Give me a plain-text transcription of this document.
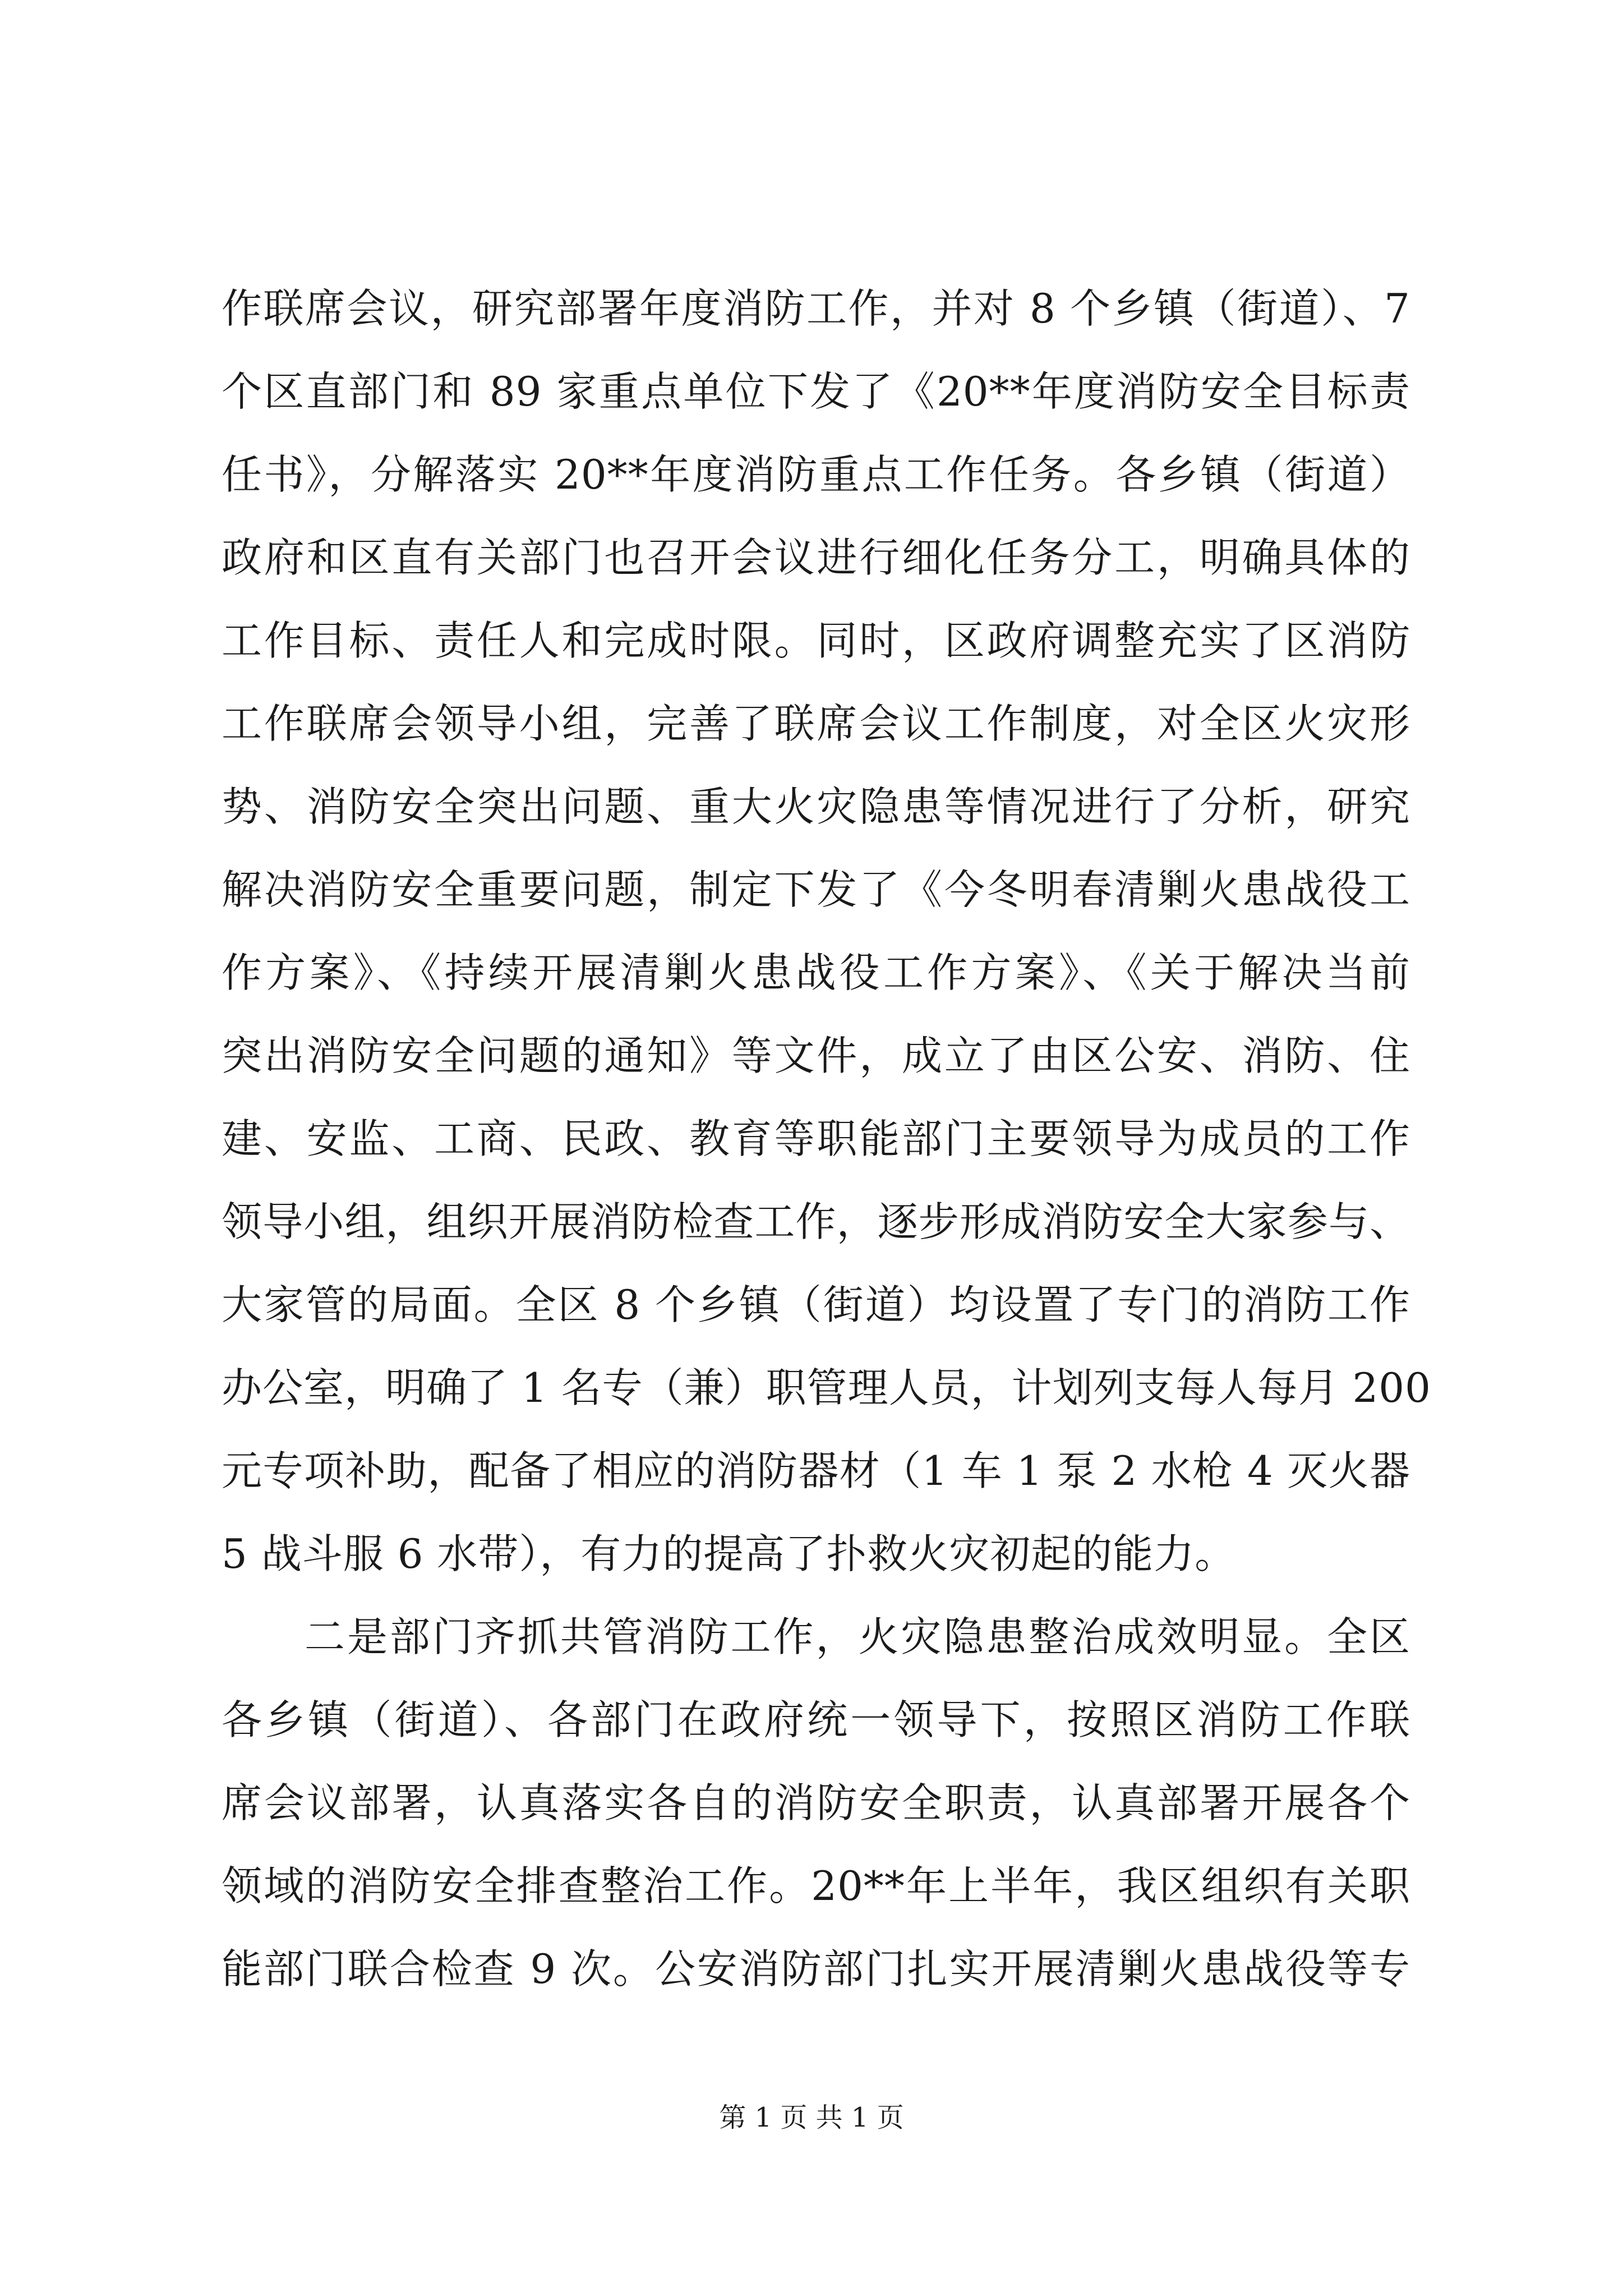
作联席会议，研究部署年度消防工作，并对 8 个乡镇（街道）、7
个区直部门和 89 家重点单位下发了《20**年度消防安全目标责
任书》，分解落实 20**年度消防重点工作任务。各乡镇（街道）
政府和区直有关部门也召开会议进行细化任务分工，明确具体的
工作目标、责任人和完成时限。同时，区政府调整充实了区消防
工作联席会领导小组，完善了联席会议工作制度，对全区火灾形
势、消防安全突出问题、重大火灾隐患等情况进行了分析，研究
解决消防安全重要问题，制定下发了《今冬明春清剿火患战役工
作方案》、《持续开展清剿火患战役工作方案》、《关于解决当前
突出消防安全问题的通知》等文件，成立了由区公安、消防、住
建、安监、工商、民政、教育等职能部门主要领导为成员的工作
领导小组，组织开展消防检查工作，逐步形成消防安全大家参与、
大家管的局面。全区 8 个乡镇（街道）均设置了专门的消防工作
办公室，明确了 1 名专（兼）职管理人员，计划列支每人每月 200
元专项补助，配备了相应的消防器材（1 车 1 泵 2 水枪 4 灭火器
5 战斗服 6 水带），有力的提高了扑救火灾初起的能力。
二是部门齐抓共管消防工作，火灾隐患整治成效明显。全区
各乡镇（街道）、各部门在政府统一领导下，按照区消防工作联
席会议部署，认真落实各自的消防安全职责，认真部署开展各个
领域的消防安全排查整治工作。20**年上半年，我区组织有关职
能部门联合检查 9 次。公安消防部门扎实开展清剿火患战役等专
第 1 页 共 1 页
